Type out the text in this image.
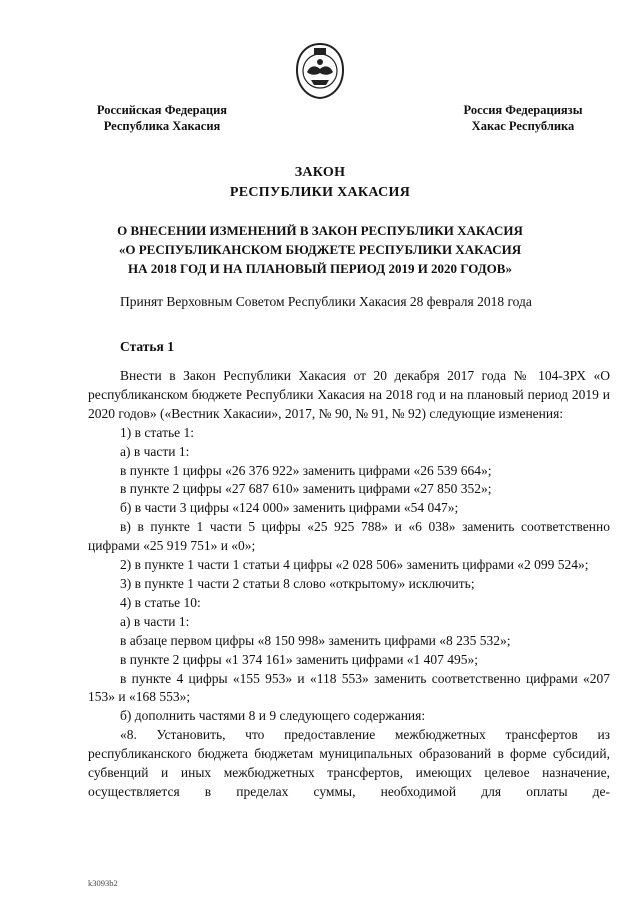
Российская Федерация
Республика Хакасия
Россия Федерациязы
Хакас Республика
ЗАКОН
РЕСПУБЛИКИ ХАКАСИЯ
О ВНЕСЕНИИ ИЗМЕНЕНИЙ В ЗАКОН РЕСПУБЛИКИ ХАКАСИЯ
«О РЕСПУБЛИКАНСКОМ БЮДЖЕТЕ РЕСПУБЛИКИ ХАКАСИЯ
НА 2018 ГОД И НА ПЛАНОВЫЙ ПЕРИОД 2019 И 2020 ГОДОВ»
Принят Верховным Советом Республики Хакасия 28 февраля 2018 года
Статья 1

Внести в Закон Республики Хакасия от 20 декабря 2017 года № 104-ЗРХ «О республиканском бюджете Республики Хакасия на 2018 год и на плановый период 2019 и 2020 годов» («Вестник Хакасии», 2017, № 90, № 91, № 92) следующие изменения:

1) в статье 1:

а) в части 1:

в пункте 1 цифры «26 376 922» заменить цифрами «26 539 664»;

в пункте 2 цифры «27 687 610» заменить цифрами «27 850 352»;

б) в части 3 цифры «124 000» заменить цифрами «54 047»;

в) в пункте 1 части 5 цифры «25 925 788» и «6 038» заменить соответственно цифрами «25 919 751» и «0»;

2) в пункте 1 части 1 статьи 4 цифры «2 028 506» заменить цифрами «2 099 524»;

3) в пункте 1 части 2 статьи 8 слово «открытому» исключить;

4) в статье 10:

а) в части 1:

в абзаце первом цифры «8 150 998» заменить цифрами «8 235 532»;

в пункте 2 цифры «1 374 161» заменить цифрами «1 407 495»;

в пункте 4 цифры «155 953» и «118 553» заменить соответственно цифрами «207 153» и «168 553»;

б) дополнить частями 8 и 9 следующего содержания:

«8. Установить, что предоставление межбюджетных трансфертов из республиканского бюджета бюджетам муниципальных образований в форме субсидий, субвенций и иных межбюджетных трансфертов, имеющих целевое назначение, осуществляется в пределах суммы, необходимой для оплаты де-

k3093b2
